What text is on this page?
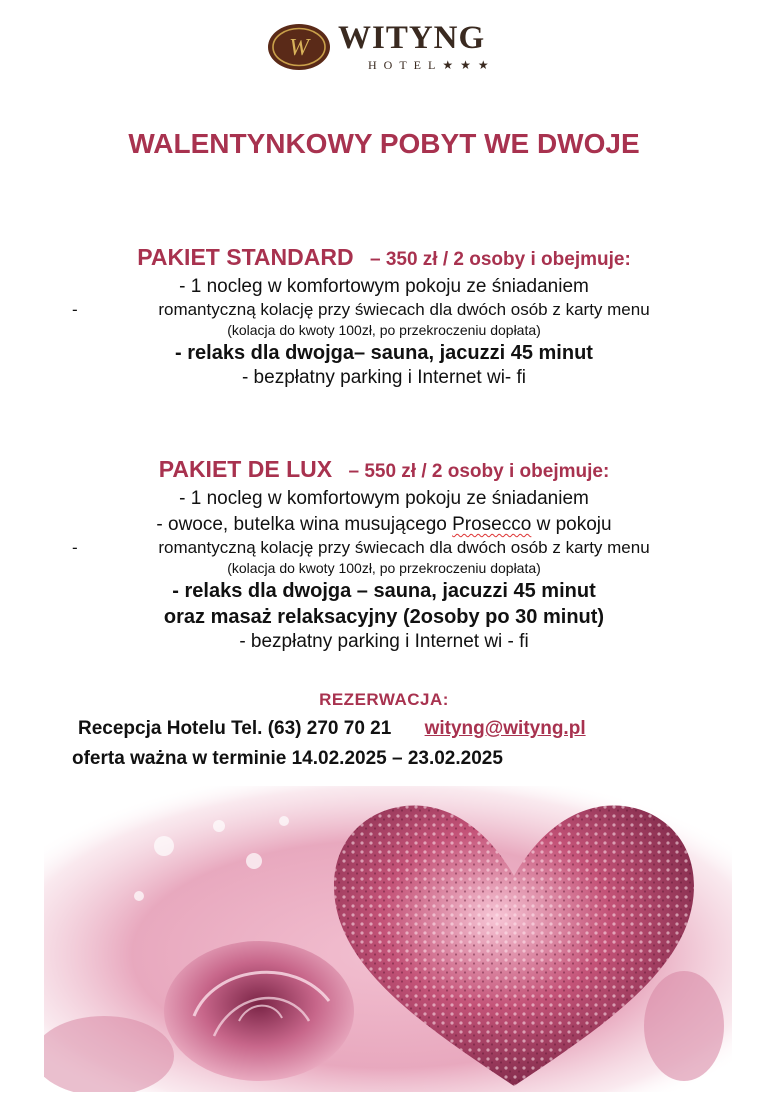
W WITYNG
HOTEL★★★
WALENTYNKOWY POBYT WE DWOJE
PAKIET STANDARD – 350 zł / 2 osoby i obejmuje:
- 1 nocleg w komfortowym pokoju ze śniadaniem
-	romantyczną kolację przy świecach dla dwóch osób z karty menu
(kolacja do kwoty 100zł, po przekroczeniu dopłata)
- relaks dla dwojga– sauna, jacuzzi 45 minut
- bezpłatny parking i Internet wi- fi
PAKIET DE LUX – 550 zł / 2 osoby i obejmuje:
- 1 nocleg w komfortowym pokoju ze śniadaniem
- owoce, butelka wina musującego Prosecco w pokoju
-	romantyczną kolację przy świecach dla dwóch osób z karty menu
(kolacja do kwoty 100zł, po przekroczeniu dopłata)
- relaks dla dwojga – sauna, jacuzzi 45 minut
oraz masaż relaksacyjny (2osoby po 30 minut)
- bezpłatny parking i Internet wi - fi
REZERWACJA:
Recepcja Hotelu Tel. (63) 270 70 21 wityng@wityng.pl
oferta ważna w terminie 14.02.2025 – 23.02.2025
